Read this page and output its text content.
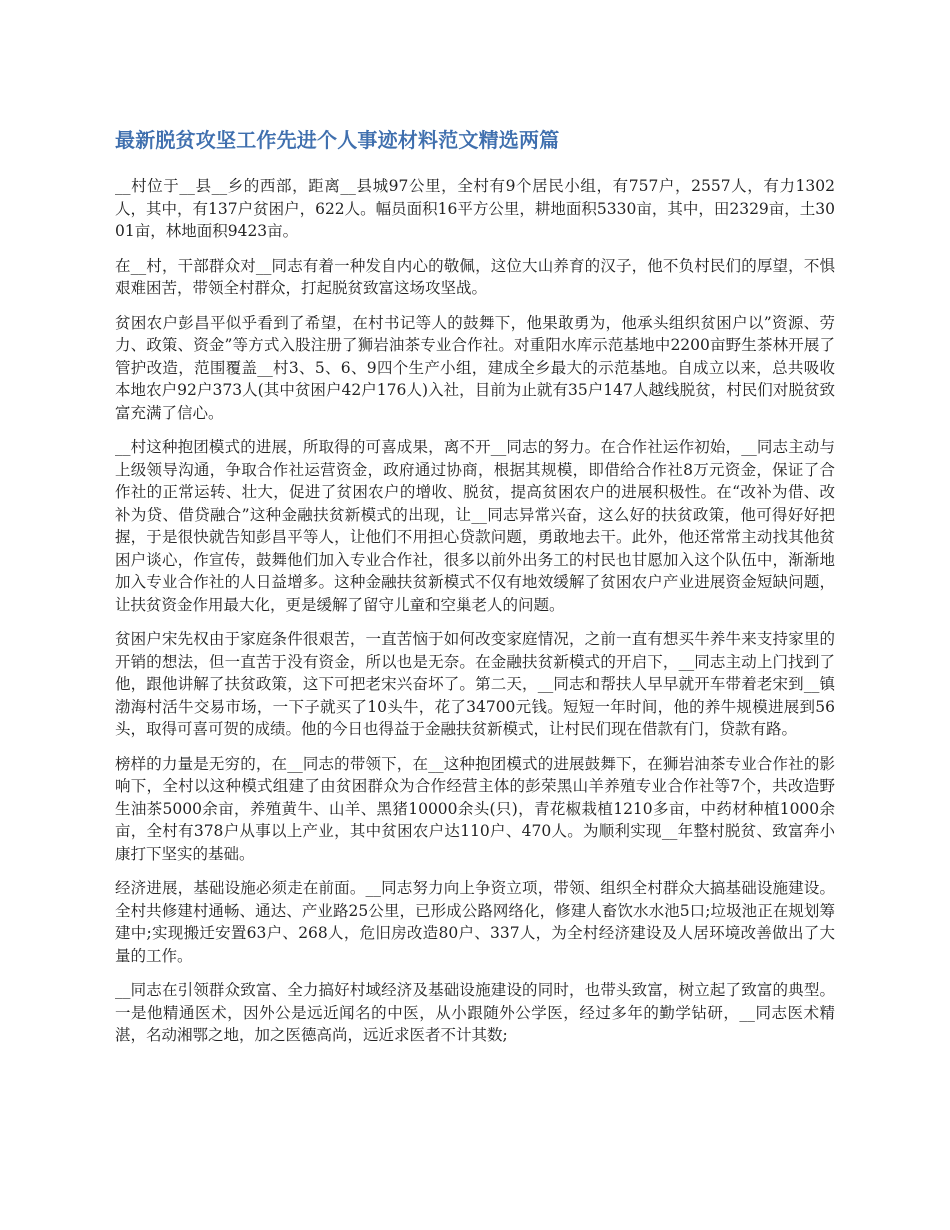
最新脱贫攻坚工作先进个人事迹材料范文精选两篇

__村位于__县__乡的西部，距离__县城97公里，全村有9个居民小组，有757户，2557人，有力1302人，其中，有137户贫困户，622人。幅员面积16平方公里，耕地面积5330亩，其中，田2329亩，土3001亩，林地面积9423亩。

在__村，干部群众对__同志有着一种发自内心的敬佩，这位大山养育的汉子，他不负村民们的厚望，不惧艰难困苦，带领全村群众，打起脱贫致富这场攻坚战。

贫困农户彭昌平似乎看到了希望，在村书记等人的鼓舞下，他果敢勇为，他承头组织贫困户以”资源、劳力、政策、资金”等方式入股注册了狮岩油茶专业合作社。对重阳水库示范基地中2200亩野生茶林开展了管护改造，范围覆盖__村3、5、6、9四个生产小组，建成全乡最大的示范基地。自成立以来，总共吸收本地农户92户373人(其中贫困户42户176人)入社，目前为止就有35户147人越线脱贫，村民们对脱贫致富充满了信心。

__村这种抱团模式的进展，所取得的可喜成果，离不开__同志的努力。在合作社运作初始，__同志主动与上级领导沟通，争取合作社运营资金，政府通过协商，根据其规模，即借给合作社8万元资金，保证了合作社的正常运转、壮大，促进了贫困农户的增收、脱贫，提高贫困农户的进展积极性。在“改补为借、改补为贷、借贷融合”这种金融扶贫新模式的出现，让__同志异常兴奋，这么好的扶贫政策，他可得好好把握，于是很快就告知彭昌平等人，让他们不用担心贷款问题，勇敢地去干。此外，他还常常主动找其他贫困户谈心，作宣传，鼓舞他们加入专业合作社，很多以前外出务工的村民也甘愿加入这个队伍中，渐渐地加入专业合作社的人日益增多。这种金融扶贫新模式不仅有地效缓解了贫困农户产业进展资金短缺问题，让扶贫资金作用最大化，更是缓解了留守儿童和空巢老人的问题。

贫困户宋先权由于家庭条件很艰苦，一直苦恼于如何改变家庭情况，之前一直有想买牛养牛来支持家里的开销的想法，但一直苦于没有资金，所以也是无奈。在金融扶贫新模式的开启下，__同志主动上门找到了他，跟他讲解了扶贫政策，这下可把老宋兴奋坏了。第二天，__同志和帮扶人早早就开车带着老宋到__镇渤海村活牛交易市场，一下子就买了10头牛，花了34700元钱。短短一年时间，他的养牛规模进展到56头，取得可喜可贺的成绩。他的今日也得益于金融扶贫新模式，让村民们现在借款有门，贷款有路。

榜样的力量是无穷的，在__同志的带领下，在__这种抱团模式的进展鼓舞下，在狮岩油茶专业合作社的影响下，全村以这种模式组建了由贫困群众为合作经营主体的彭荣黑山羊养殖专业合作社等7个，共改造野生油茶5000余亩，养殖黄牛、山羊、黑猪10000余头(只)，青花椒栽植1210多亩，中药材种植1000余亩，全村有378户从事以上产业，其中贫困农户达110户、470人。为顺利实现__年整村脱贫、致富奔小康打下坚实的基础。

经济进展，基础设施必须走在前面。__同志努力向上争资立项，带领、组织全村群众大搞基础设施建设。全村共修建村通畅、通达、产业路25公里，已形成公路网络化，修建人畜饮水水池5口;垃圾池正在规划筹建中;实现搬迁安置63户、268人，危旧房改造80户、337人，为全村经济建设及人居环境改善做出了大量的工作。

__同志在引领群众致富、全力搞好村域经济及基础设施建设的同时，也带头致富，树立起了致富的典型。一是他精通医术，因外公是远近闻名的中医，从小跟随外公学医，经过多年的勤学钻研，__同志医术精湛，名动湘鄂之地，加之医德高尚，远近求医者不计其数;
